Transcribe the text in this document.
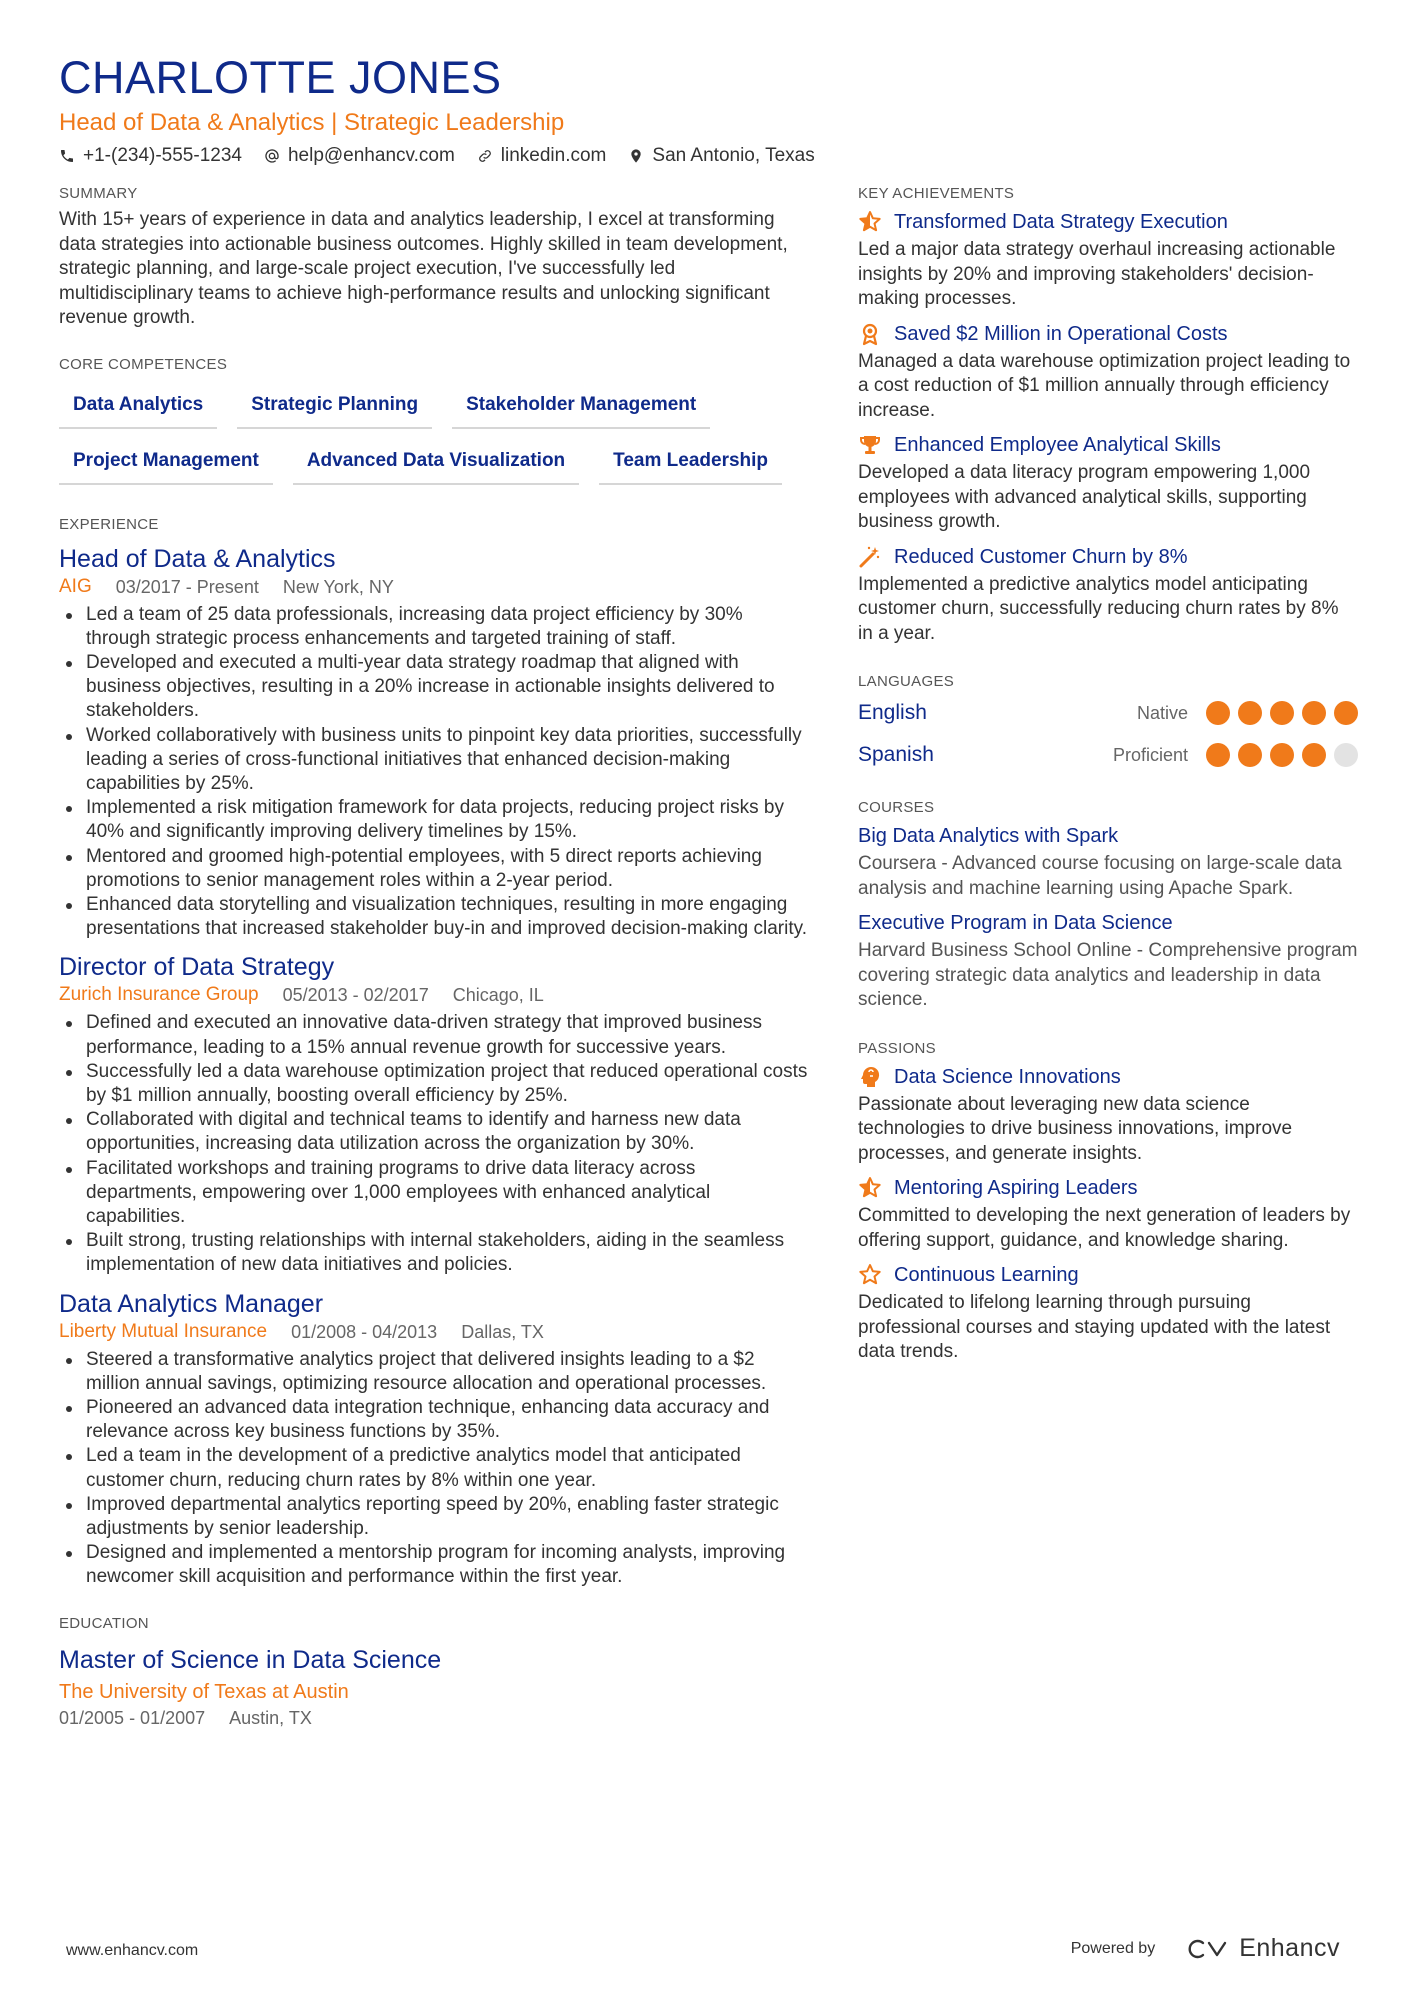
CHARLOTTE JONES
Head of Data & Analytics | Strategic Leadership
+1-(234)-555-1234 help@enhancv.com linkedin.com San Antonio, Texas
SUMMARY
With 15+ years of experience in data and analytics leadership, I excel at transforming data strategies into actionable business outcomes. Highly skilled in team development, strategic planning, and large-scale project execution, I've successfully led multidisciplinary teams to achieve high-performance results and unlocking significant revenue growth.
CORE COMPETENCES
Data Analytics	Strategic Planning	Stakeholder Management
Project Management	Advanced Data Visualization	Team Leadership
EXPERIENCE
Head of Data & Analytics
AIG 03/2017 - Present New York, NY
Led a team of 25 data professionals, increasing data project efficiency by 30% through strategic process enhancements and targeted training of staff.
Developed and executed a multi-year data strategy roadmap that aligned with business objectives, resulting in a 20% increase in actionable insights delivered to stakeholders.
Worked collaboratively with business units to pinpoint key data priorities, successfully leading a series of cross-functional initiatives that enhanced decision-making capabilities by 25%.
Implemented a risk mitigation framework for data projects, reducing project risks by 40% and significantly improving delivery timelines by 15%.
Mentored and groomed high-potential employees, with 5 direct reports achieving promotions to senior management roles within a 2-year period.
Enhanced data storytelling and visualization techniques, resulting in more engaging presentations that increased stakeholder buy-in and improved decision-making clarity.
Director of Data Strategy
Zurich Insurance Group 05/2013 - 02/2017 Chicago, IL
Defined and executed an innovative data-driven strategy that improved business performance, leading to a 15% annual revenue growth for successive years.
Successfully led a data warehouse optimization project that reduced operational costs by $1 million annually, boosting overall efficiency by 25%.
Collaborated with digital and technical teams to identify and harness new data opportunities, increasing data utilization across the organization by 30%.
Facilitated workshops and training programs to drive data literacy across departments, empowering over 1,000 employees with enhanced analytical capabilities.
Built strong, trusting relationships with internal stakeholders, aiding in the seamless implementation of new data initiatives and policies.
Data Analytics Manager
Liberty Mutual Insurance 01/2008 - 04/2013 Dallas, TX
Steered a transformative analytics project that delivered insights leading to a $2 million annual savings, optimizing resource allocation and operational processes.
Pioneered an advanced data integration technique, enhancing data accuracy and relevance across key business functions by 35%.
Led a team in the development of a predictive analytics model that anticipated customer churn, reducing churn rates by 8% within one year.
Improved departmental analytics reporting speed by 20%, enabling faster strategic adjustments by senior leadership.
Designed and implemented a mentorship program for incoming analysts, improving newcomer skill acquisition and performance within the first year.
EDUCATION
Master of Science in Data Science
The University of Texas at Austin
01/2005 - 01/2007 Austin, TX
KEY ACHIEVEMENTS
Transformed Data Strategy Execution
Led a major data strategy overhaul increasing actionable insights by 20% and improving stakeholders' decision-making processes.
Saved $2 Million in Operational Costs
Managed a data warehouse optimization project leading to a cost reduction of $1 million annually through efficiency increase.
Enhanced Employee Analytical Skills
Developed a data literacy program empowering 1,000 employees with advanced analytical skills, supporting business growth.
Reduced Customer Churn by 8%
Implemented a predictive analytics model anticipating customer churn, successfully reducing churn rates by 8% in a year.
LANGUAGES
English	Native
Spanish	Proficient
COURSES
Big Data Analytics with Spark
Coursera - Advanced course focusing on large-scale data analysis and machine learning using Apache Spark.
Executive Program in Data Science
Harvard Business School Online - Comprehensive program covering strategic data analytics and leadership in data science.
PASSIONS
Data Science Innovations
Passionate about leveraging new data science technologies to drive business innovations, improve processes, and generate insights.
Mentoring Aspiring Leaders
Committed to developing the next generation of leaders by offering support, guidance, and knowledge sharing.
Continuous Learning
Dedicated to lifelong learning through pursuing professional courses and staying updated with the latest data trends.
www.enhancv.com	Powered by	Enhancv
